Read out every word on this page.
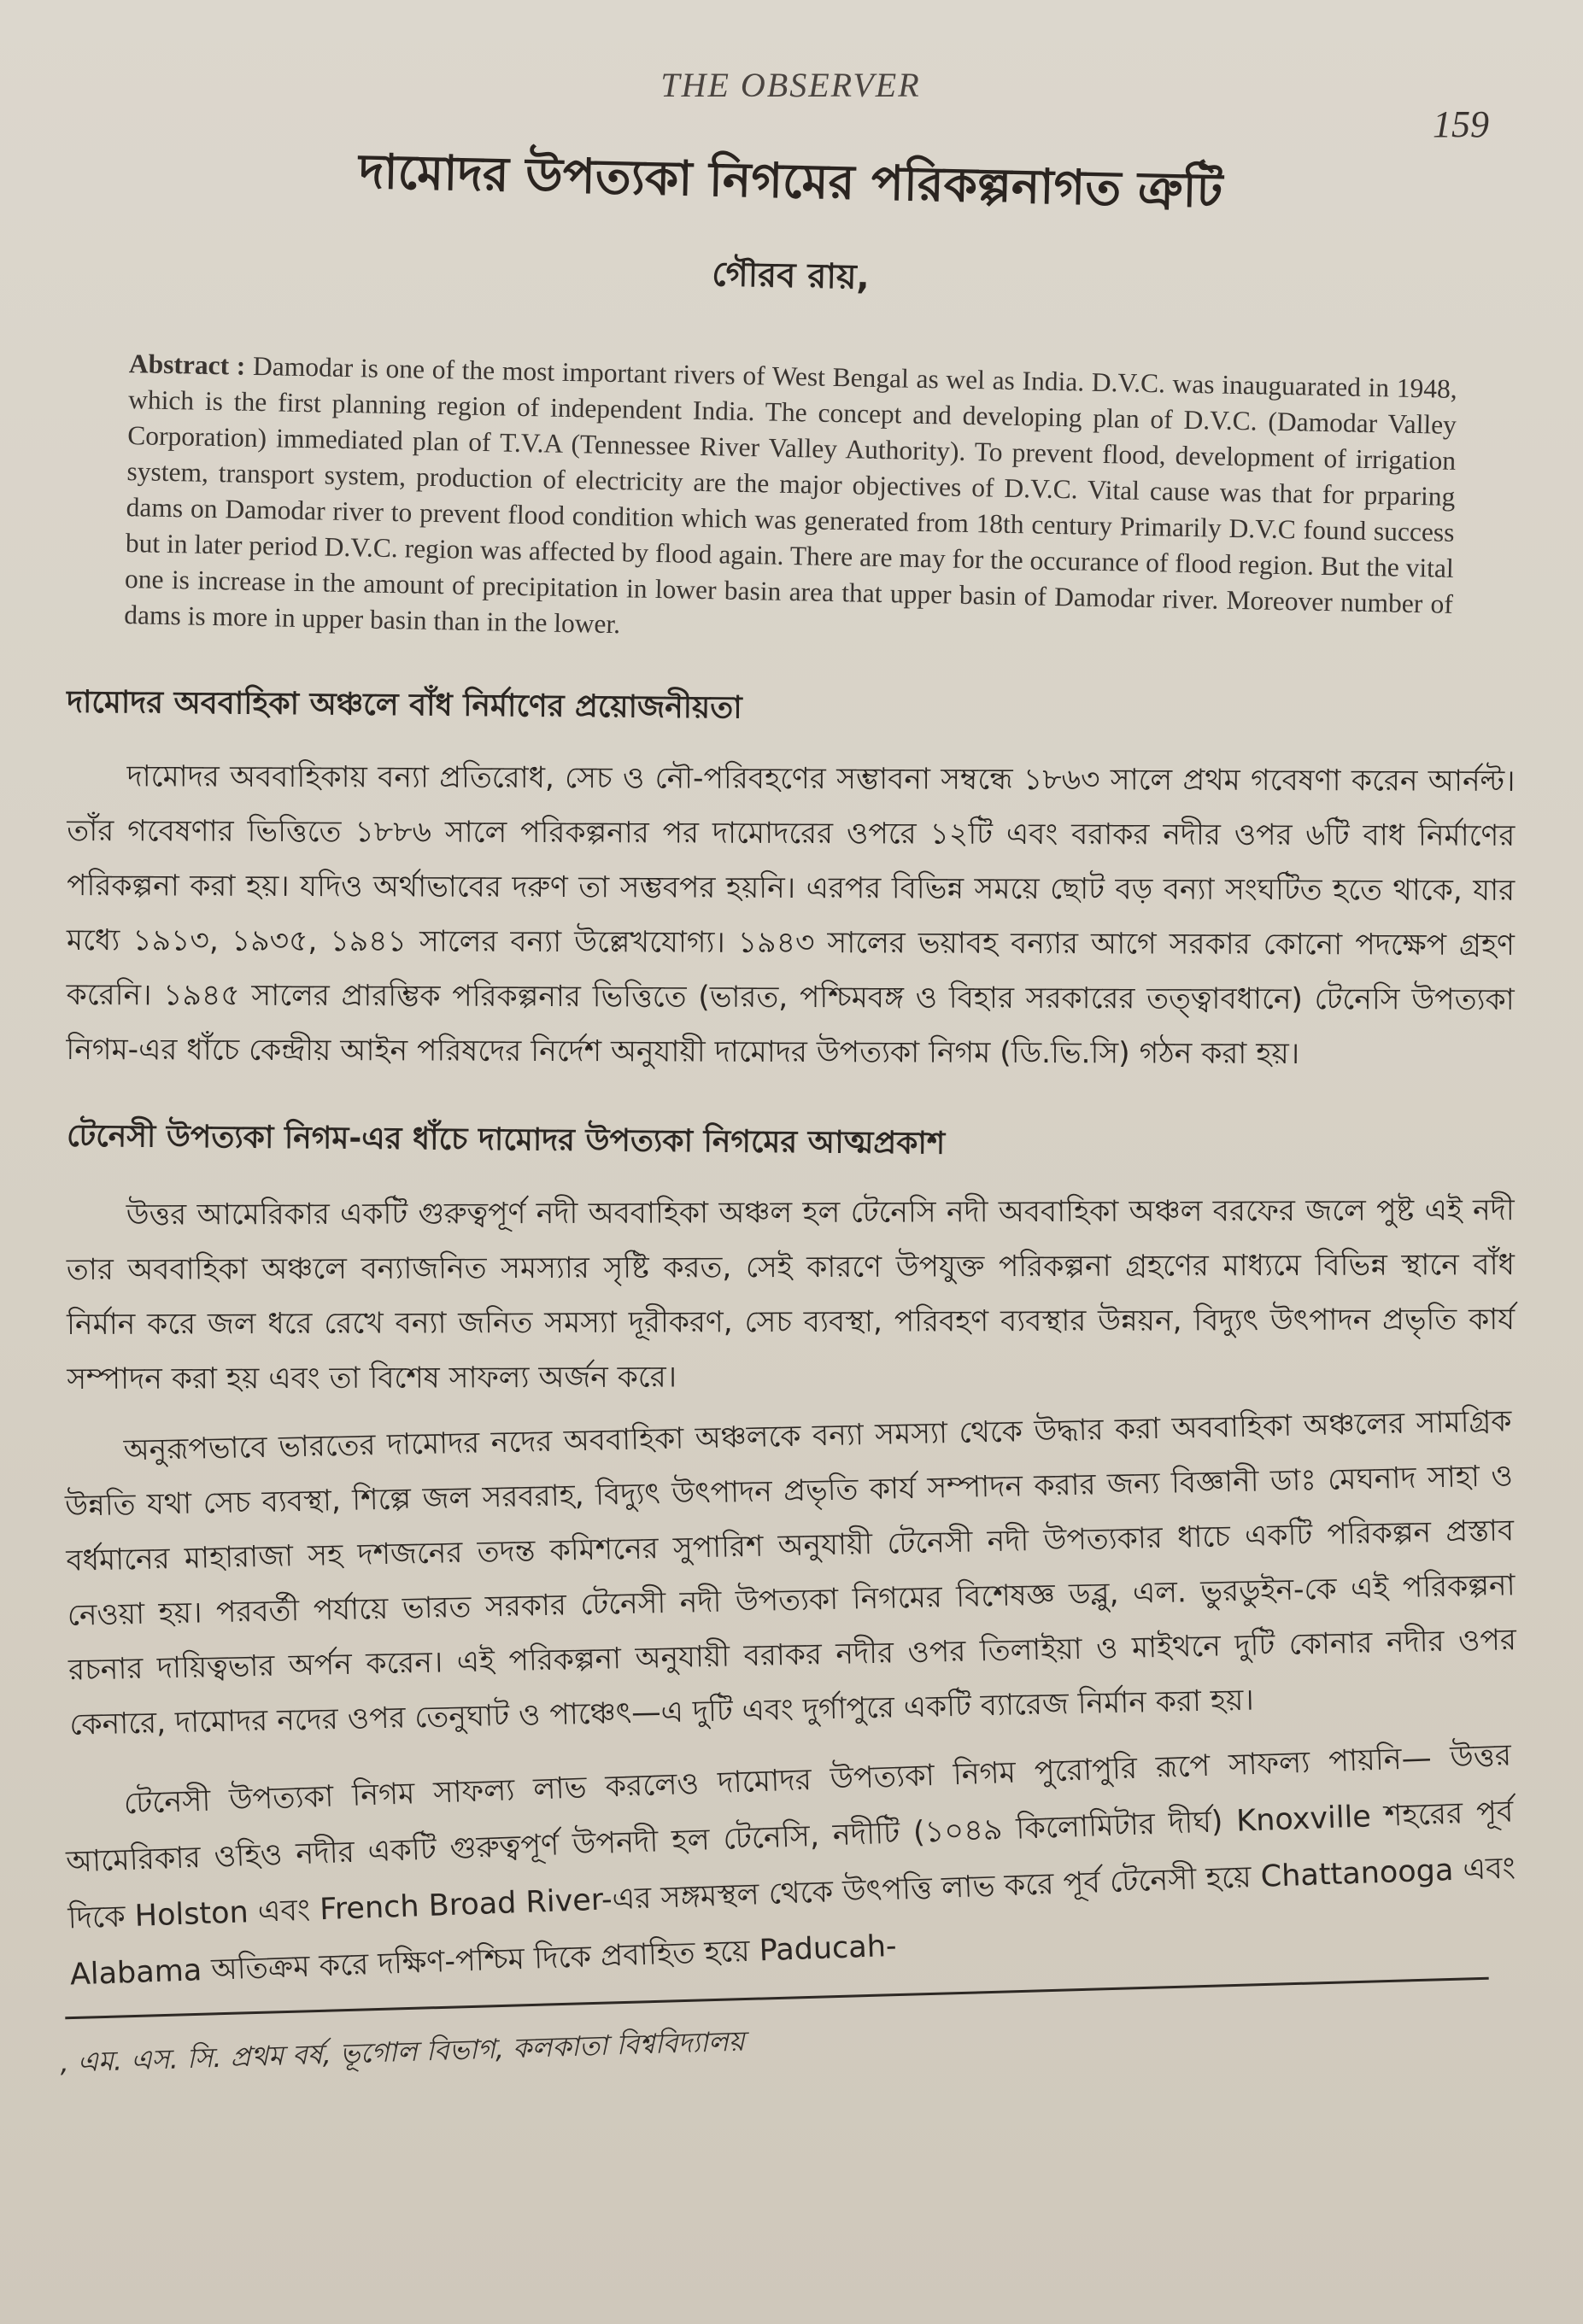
THE OBSERVER
159
দামোদর উপত্যকা নিগমের পরিকল্পনাগত ত্রুটি
গৌরব রায়,
Abstract : Damodar is one of the most important rivers of West Bengal as wel as India. D.V.C. was inauguarated in 1948, which is the first planning region of independent India. The concept and developing plan of D.V.C. (Damodar Valley Corporation) immediated plan of T.V.A (Tennessee River Valley Authority). To prevent flood, development of irrigation system, transport system, production of electricity are the major objectives of D.V.C. Vital cause was that for prparing dams on Damodar river to prevent flood condition which was generated from 18th century Primarily D.V.C found success but in later period D.V.C. region was affected by flood again. There are may for the occurance of flood region. But the vital one is increase in the amount of precipitation in lower basin area that upper basin of Damodar river. Moreover number of dams is more in upper basin than in the lower.
দামোদর অববাহিকা অঞ্চলে বাঁধ নির্মাণের প্রয়োজনীয়তা

দামোদর অববাহিকায় বন্যা প্রতিরোধ, সেচ ও নৌ-পরিবহণের সম্ভাবনা সম্বন্ধে ১৮৬৩ সালে প্রথম গবেষণা করেন আর্নল্ট। তাঁর গবেষণার ভিত্তিতে ১৮৮৬ সালে পরিকল্পনার পর দামোদরের ওপরে ১২টি এবং বরাকর নদীর ওপর ৬টি বাধ নির্মাণের পরিকল্পনা করা হয়। যদিও অর্থাভাবের দরুণ তা সম্ভবপর হয়নি। এরপর বিভিন্ন সময়ে ছোট বড় বন্যা সংঘটিত হতে থাকে, যার মধ্যে ১৯১৩, ১৯৩৫, ১৯৪১ সালের বন্যা উল্লেখযোগ্য। ১৯৪৩ সালের ভয়াবহ বন্যার আগে সরকার কোনো পদক্ষেপ গ্রহণ করেনি। ১৯৪৫ সালের প্রারম্ভিক পরিকল্পনার ভিত্তিতে (ভারত, পশ্চিমবঙ্গ ও বিহার সরকারের তত্ত্বাবধানে) টেনেসি উপত্যকা নিগম-এর ধাঁচে কেন্দ্রীয় আইন পরিষদের নির্দেশ অনুযায়ী দামোদর উপত্যকা নিগম (ডি.ভি.সি) গঠন করা হয়।

টেনেসী উপত্যকা নিগম-এর ধাঁচে দামোদর উপত্যকা নিগমের আত্মপ্রকাশ

উত্তর আমেরিকার একটি গুরুত্বপূর্ণ নদী অববাহিকা অঞ্চল হল টেনেসি নদী অববাহিকা অঞ্চল বরফের জলে পুষ্ট এই নদী তার অববাহিকা অঞ্চলে বন্যাজনিত সমস্যার সৃষ্টি করত, সেই কারণে উপযুক্ত পরিকল্পনা গ্রহণের মাধ্যমে বিভিন্ন স্থানে বাঁধ নির্মান করে জল ধরে রেখে বন্যা জনিত সমস্যা দূরীকরণ, সেচ ব্যবস্থা, পরিবহণ ব্যবস্থার উন্নয়ন, বিদ্যুৎ উৎপাদন প্রভৃতি কার্য সম্পাদন করা হয় এবং তা বিশেষ সাফল্য অর্জন করে।

অনুরূপভাবে ভারতের দামোদর নদের অববাহিকা অঞ্চলকে বন্যা সমস্যা থেকে উদ্ধার করা অববাহিকা অঞ্চলের সামগ্রিক উন্নতি যথা সেচ ব্যবস্থা, শিল্পে জল সরবরাহ, বিদ্যুৎ উৎপাদন প্রভৃতি কার্য সম্পাদন করার জন্য বিজ্ঞানী ডাঃ মেঘনাদ সাহা ও বর্ধমানের মাহারাজা সহ দশজনের তদন্ত কমিশনের সুপারিশ অনুযায়ী টেনেসী নদী উপত্যকার ধাচে একটি পরিকল্পন প্রস্তাব নেওয়া হয়। পরবর্তী পর্যায়ে ভারত সরকার টেনেসী নদী উপত্যকা নিগমের বিশেষজ্ঞ ডব্লু, এল. ভুরডুইন-কে এই পরিকল্পনা রচনার দায়িত্বভার অর্পন করেন। এই পরিকল্পনা অনুযায়ী বরাকর নদীর ওপর তিলাইয়া ও মাইথনে দুটি কোনার নদীর ওপর কেনারে, দামোদর নদের ওপর তেনুঘাট ও পাঞ্চেৎ—এ দুটি এবং দুর্গাপুরে একটি ব্যারেজ নির্মান করা হয়।

টেনেসী উপত্যকা নিগম সাফল্য লাভ করলেও দামোদর উপত্যকা নিগম পুরোপুরি রূপে সাফল্য পায়নি— উত্তর আমেরিকার ওহিও নদীর একটি গুরুত্বপূর্ণ উপনদী হল টেনেসি, নদীটি (১০৪৯ কিলোমিটার দীর্ঘ) Knoxville শহরের পূর্ব দিকে Holston এবং French Broad River-এর সঙ্গমস্থল থেকে উৎপত্তি লাভ করে পূর্ব টেনেসী হয়ে Chattanooga এবং Alabama অতিক্রম করে দক্ষিণ-পশ্চিম দিকে প্রবাহিত হয়ে Paducah-

, এম. এস. সি. প্রথম বর্ষ, ভূগোল বিভাগ, কলকাতা বিশ্ববিদ্যালয়
